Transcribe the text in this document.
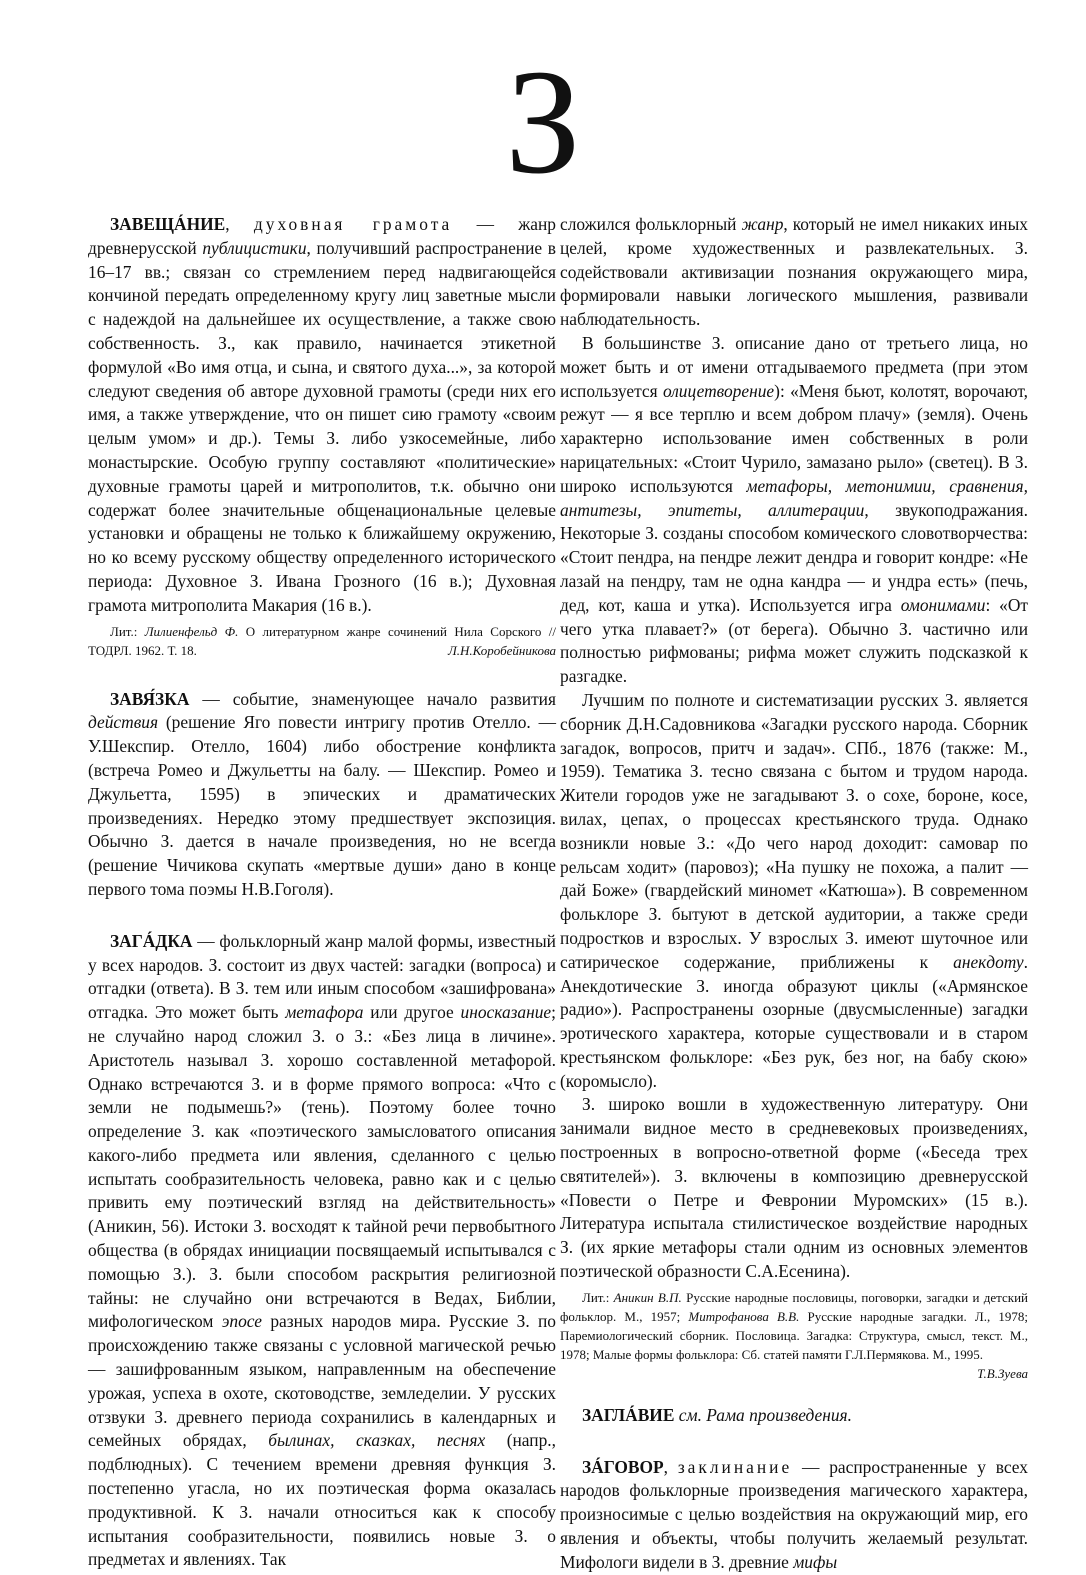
З

ЗАВЕЩÁНИЕ, духовная грамота — жанр древнерусской публицистики, получивший распространение в 16–17 вв.; связан со стремлением перед надвигающейся кончиной передать определенному кругу лиц заветные мысли с надеждой на дальнейшее их осуществление, а также свою собственность. З., как правило, начинается этикетной формулой «Во имя отца, и сына, и святого духа...», за которой следуют сведения об авторе духовной грамоты (среди них его имя, а также утверждение, что он пишет сию грамоту «своим целым умом» и др.). Темы З. либо узкосемейные, либо монастырские. Особую группу составляют «политические» духовные грамоты царей и митрополитов, т.к. обычно они содержат более значительные общенациональные целевые установки и обращены не только к ближайшему окружению, но ко всему русскому обществу определенного исторического периода: Духовное З. Ивана Грозного (16 в.); Духовная грамота митрополита Макария (16 в.).

Лит.: Лилиенфельд Ф. О литературном жанре сочинений Нила Сорского // ТОДРЛ. 1962. Т. 18.	Л.Н.Коробейникова

ЗАВЯ́ЗКА — событие, знаменующее начало развития действия (решение Яго повести интригу против Отелло. — У.Шекспир. Отелло, 1604) либо обострение конфликта (встреча Ромео и Джульетты на балу. — Шекспир. Ромео и Джульетта, 1595) в эпических и драматических произведениях. Нередко этому предшествует экспозиция. Обычно З. дается в начале произведения, но не всегда (решение Чичикова скупать «мертвые души» дано в конце первого тома поэмы Н.В.Гоголя).

ЗАГÁДКА — фольклорный жанр малой формы, известный у всех народов. З. состоит из двух частей: загадки (вопроса) и отгадки (ответа). В З. тем или иным способом «зашифрована» отгадка. Это может быть метафора или другое иносказание; не случайно народ сложил З. о З.: «Без лица в личине». Аристотель называл З. хорошо составленной метафорой. Однако встречаются З. и в форме прямого вопроса: «Что с земли не подымешь?» (тень). Поэтому более точно определение З. как «поэтического замысловатого описания какого-либо предмета или явления, сделанного с целью испытать сообразительность человека, равно как и с целью привить ему поэтический взгляд на действительность» (Аникин, 56). Истоки З. восходят к тайной речи первобытного общества (в обрядах инициации посвящаемый испытывался с помощью З.). З. были способом раскрытия религиозной тайны: не случайно они встречаются в Ведах, Библии, мифологическом эпосе разных народов мира. Русские З. по происхождению также связаны с условной магической речью — зашифрованным языком, направленным на обеспечение урожая, успеха в охоте, скотоводстве, земледелии. У русских отзвуки З. древнего периода сохранились в календарных и семейных обрядах, былинах, сказках, песнях (напр., подблюдных). С течением времени древняя функция З. постепенно угасла, но их поэтическая форма оказалась продуктивной. К З. начали относиться как к способу испытания сообразительности, появились новые З. о предметах и явлениях. Так

сложился фольклорный жанр, который не имел никаких иных целей, кроме художественных и развлекательных. З. содействовали активизации познания окружающего мира, формировали навыки логического мышления, развивали наблюдательность.

В большинстве З. описание дано от третьего лица, но может быть и от имени отгадываемого предмета (при этом используется олицетворение): «Меня бьют, колотят, ворочают, режут — я все терплю и всем добром плачу» (земля). Очень характерно использование имен собственных в роли нарицательных: «Стоит Чурило, замазано рыло» (светец). В З. широко используются метафоры, метонимии, сравнения, антитезы, эпитеты, аллитерации, звукоподражания. Некоторые З. созданы способом комического словотворчества: «Стоит пендра, на пендре лежит дендра и говорит кондре: «Не лазай на пендру, там не одна кандра — и ундра есть» (печь, дед, кот, каша и утка). Используется игра омонимами: «От чего утка плавает?» (от берега). Обычно З. частично или полностью рифмованы; рифма может служить подсказкой к разгадке.

Лучшим по полноте и систематизации русских З. является сборник Д.Н.Садовникова «Загадки русского народа. Сборник загадок, вопросов, притч и задач». СПб., 1876 (также: М., 1959). Тематика З. тесно связана с бытом и трудом народа. Жители городов уже не загадывают З. о сохе, бороне, косе, вилах, цепах, о процессах крестьянского труда. Однако возникли новые З.: «До чего народ доходит: самовар по рельсам ходит» (паровоз); «На пушку не похожа, а палит — дай Боже» (гвардейский миномет «Катюша»). В современном фольклоре З. бытуют в детской аудитории, а также среди подростков и взрослых. У взрослых З. имеют шуточное или сатирическое содержание, приближены к анекдоту. Анекдотические З. иногда образуют циклы («Армянское радио»). Распространены озорные (двусмысленные) загадки эротического характера, которые существовали и в старом крестьянском фольклоре: «Без рук, без ног, на бабу скою» (коромысло).

З. широко вошли в художественную литературу. Они занимали видное место в средневековых произведениях, построенных в вопросно-ответной форме («Беседа трех святителей»). З. включены в композицию древнерусской «Повести о Петре и Февронии Муромских» (15 в.). Литература испытала стилистическое воздействие народных З. (их яркие метафоры стали одним из основных элементов поэтической образности С.А.Есенина).

Лит.: Аникин В.П. Русские народные пословицы, поговорки, загадки и детский фольклор. М., 1957; Митрофанова В.В. Русские народные загадки. Л., 1978; Паремиологический сборник. Пословица. Загадка: Структура, смысл, текст. М., 1978; Малые формы фольклора: Сб. статей памяти Г.Л.Пермякова. М., 1995.
Т.В.Зуева

ЗАГЛÁВИЕ см. Рама произведения.

ЗÁГОВОР, заклинание — распространенные у всех народов фольклорные произведения магического характера, произносимые с целью воздействия на окружающий мир, его явления и объекты, чтобы получить желаемый результат. Мифологи видели в З. древние мифы
